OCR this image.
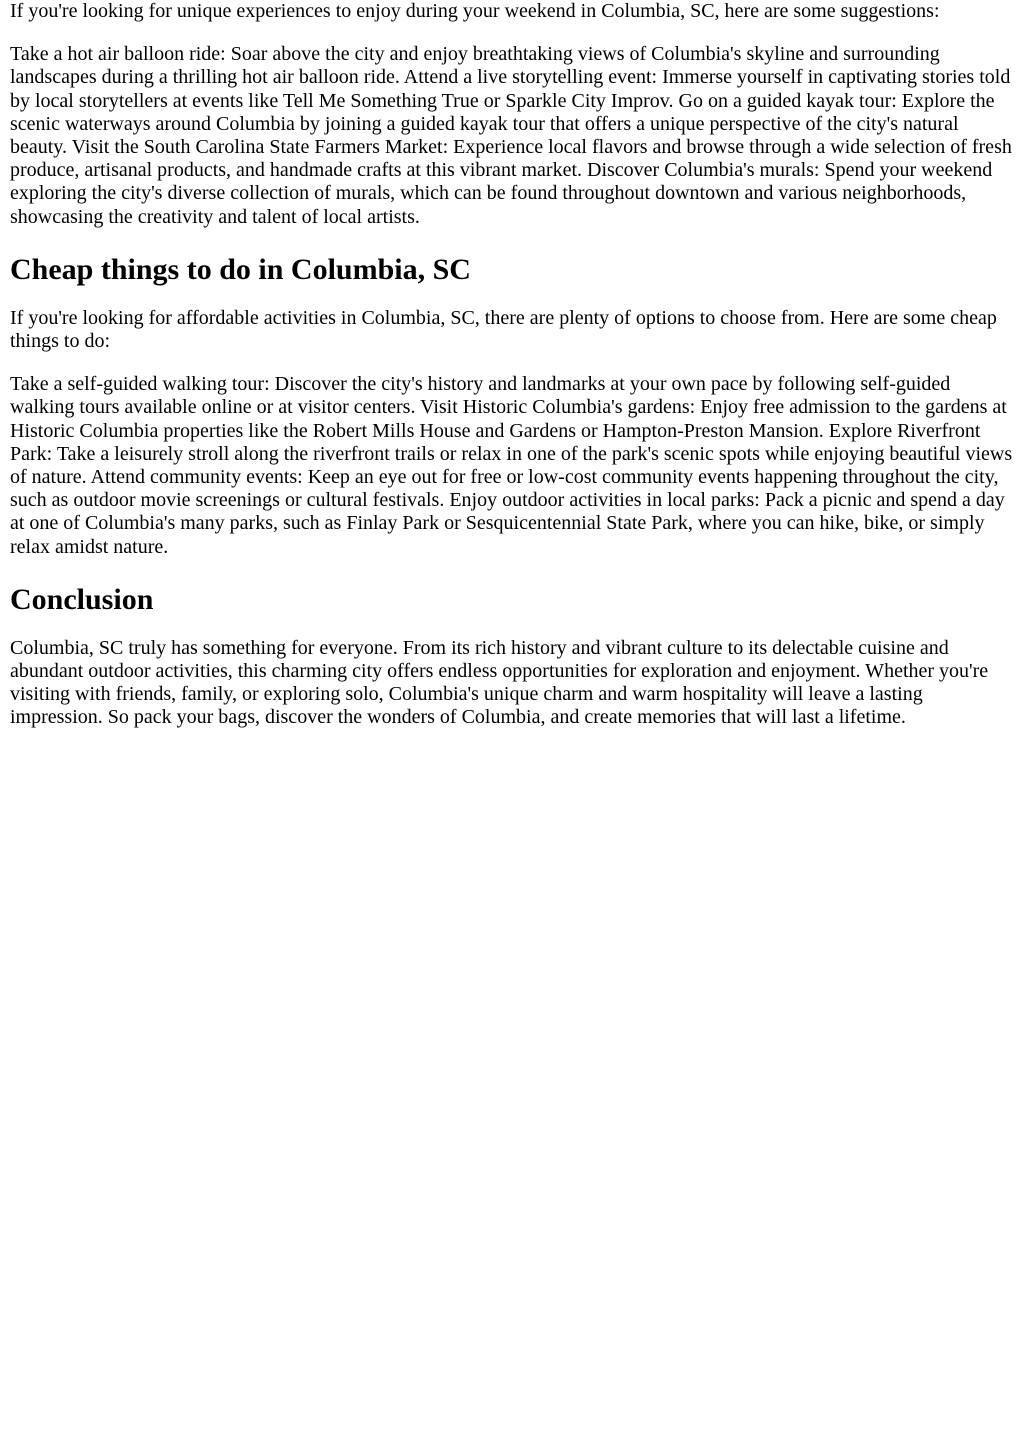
If you're looking for unique experiences to enjoy during your weekend in Columbia, SC, here are some suggestions:

Take a hot air balloon ride: Soar above the city and enjoy breathtaking views of Columbia's skyline and surrounding landscapes during a thrilling hot air balloon ride. Attend a live storytelling event: Immerse yourself in captivating stories told by local storytellers at events like Tell Me Something True or Sparkle City Improv. Go on a guided kayak tour: Explore the scenic waterways around Columbia by joining a guided kayak tour that offers a unique perspective of the city's natural beauty. Visit the South Carolina State Farmers Market: Experience local flavors and browse through a wide selection of fresh produce, artisanal products, and handmade crafts at this vibrant market. Discover Columbia's murals: Spend your weekend exploring the city's diverse collection of murals, which can be found throughout downtown and various neighborhoods, showcasing the creativity and talent of local artists.

Cheap things to do in Columbia, SC

If you're looking for affordable activities in Columbia, SC, there are plenty of options to choose from. Here are some cheap things to do:

Take a self-guided walking tour: Discover the city's history and landmarks at your own pace by following self-guided walking tours available online or at visitor centers. Visit Historic Columbia's gardens: Enjoy free admission to the gardens at Historic Columbia properties like the Robert Mills House and Gardens or Hampton-Preston Mansion. Explore Riverfront Park: Take a leisurely stroll along the riverfront trails or relax in one of the park's scenic spots while enjoying beautiful views of nature. Attend community events: Keep an eye out for free or low-cost community events happening throughout the city, such as outdoor movie screenings or cultural festivals. Enjoy outdoor activities in local parks: Pack a picnic and spend a day at one of Columbia's many parks, such as Finlay Park or Sesquicentennial State Park, where you can hike, bike, or simply relax amidst nature.

Conclusion

Columbia, SC truly has something for everyone. From its rich history and vibrant culture to its delectable cuisine and abundant outdoor activities, this charming city offers endless opportunities for exploration and enjoyment. Whether you're visiting with friends, family, or exploring solo, Columbia's unique charm and warm hospitality will leave a lasting impression. So pack your bags, discover the wonders of Columbia, and create memories that will last a lifetime.
